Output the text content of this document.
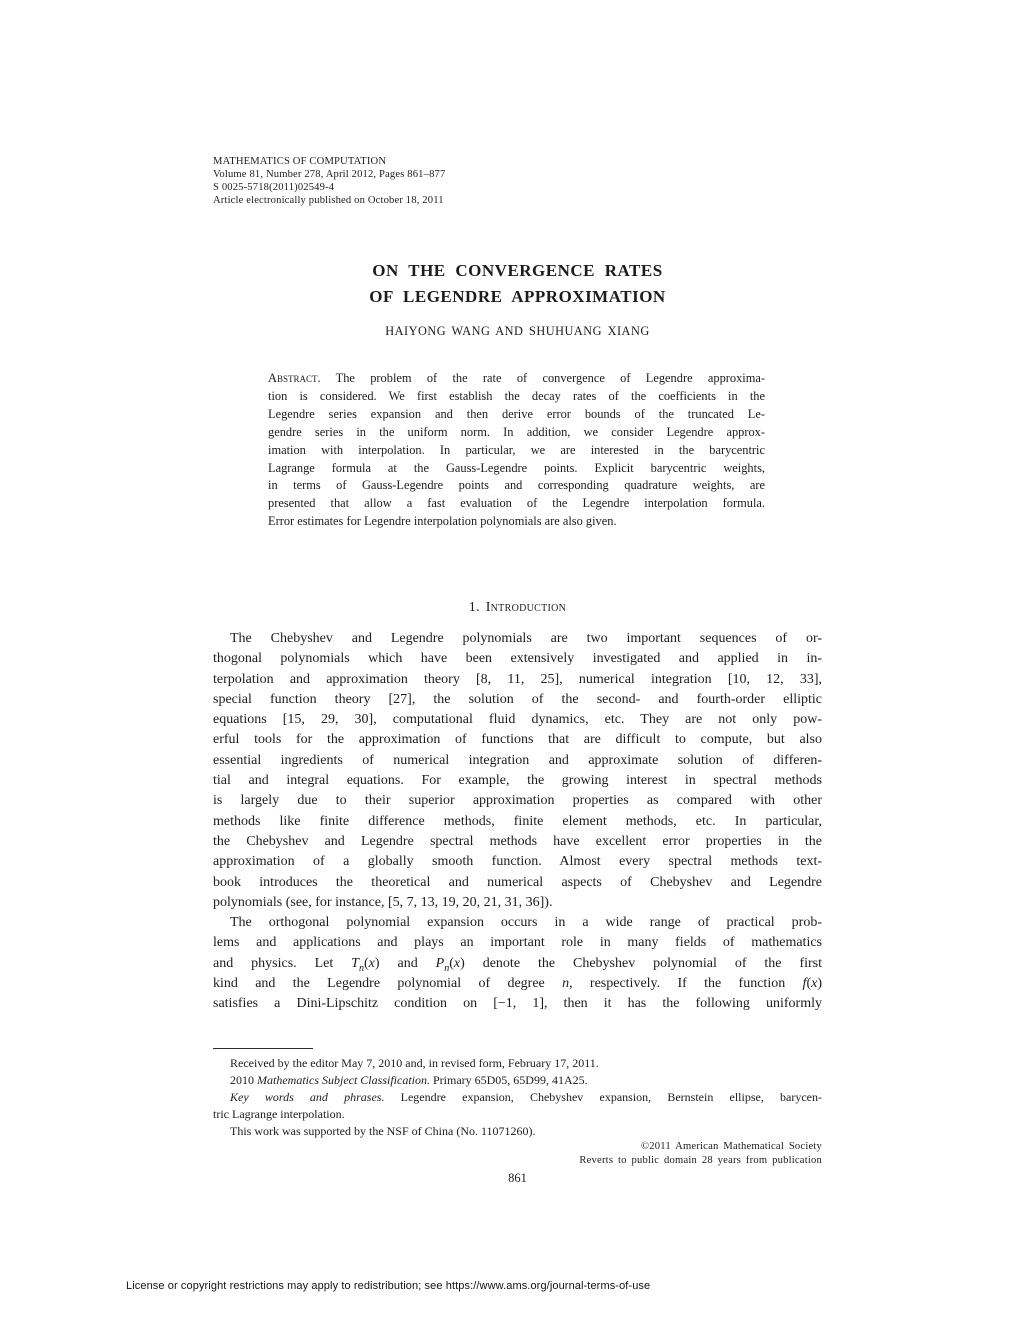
MATHEMATICS OF COMPUTATION
Volume 81, Number 278, April 2012, Pages 861–877
S 0025-5718(2011)02549-4
Article electronically published on October 18, 2011
ON THE CONVERGENCE RATES
OF LEGENDRE APPROXIMATION
HAIYONG WANG AND SHUHUANG XIANG
Abstract. The problem of the rate of convergence of Legendre approxima-
tion is considered. We first establish the decay rates of the coefficients in the
Legendre series expansion and then derive error bounds of the truncated Le-
gendre series in the uniform norm. In addition, we consider Legendre approx-
imation with interpolation. In particular, we are interested in the barycentric
Lagrange formula at the Gauss-Legendre points. Explicit barycentric weights,
in terms of Gauss-Legendre points and corresponding quadrature weights, are
presented that allow a fast evaluation of the Legendre interpolation formula.
Error estimates for Legendre interpolation polynomials are also given.
1. Introduction
The Chebyshev and Legendre polynomials are two important sequences of or-
thogonal polynomials which have been extensively investigated and applied in in-
terpolation and approximation theory [8, 11, 25], numerical integration [10, 12, 33],
special function theory [27], the solution of the second- and fourth-order elliptic
equations [15, 29, 30], computational fluid dynamics, etc. They are not only pow-
erful tools for the approximation of functions that are difficult to compute, but also
essential ingredients of numerical integration and approximate solution of differen-
tial and integral equations. For example, the growing interest in spectral methods
is largely due to their superior approximation properties as compared with other
methods like finite difference methods, finite element methods, etc. In particular,
the Chebyshev and Legendre spectral methods have excellent error properties in the
approximation of a globally smooth function. Almost every spectral methods text-
book introduces the theoretical and numerical aspects of Chebyshev and Legendre
polynomials (see, for instance, [5, 7, 13, 19, 20, 21, 31, 36]).
The orthogonal polynomial expansion occurs in a wide range of practical prob-
lems and applications and plays an important role in many fields of mathematics
and physics. Let $T_n(x)$ and $P_n(x)$ denote the Chebyshev polynomial of the first
kind and the Legendre polynomial of degree n, respectively. If the function f(x)
satisfies a Dini-Lipschitz condition on [−1, 1], then it has the following uniformly
Received by the editor May 7, 2010 and, in revised form, February 17, 2011.
2010 Mathematics Subject Classification. Primary 65D05, 65D99, 41A25.
Key words and phrases. Legendre expansion, Chebyshev expansion, Bernstein ellipse, barycen-
tric Lagrange interpolation.
This work was supported by the NSF of China (No. 11071260).
©2011 American Mathematical Society
Reverts to public domain 28 years from publication
861
License or copyright restrictions may apply to redistribution; see https://www.ams.org/journal-terms-of-use
